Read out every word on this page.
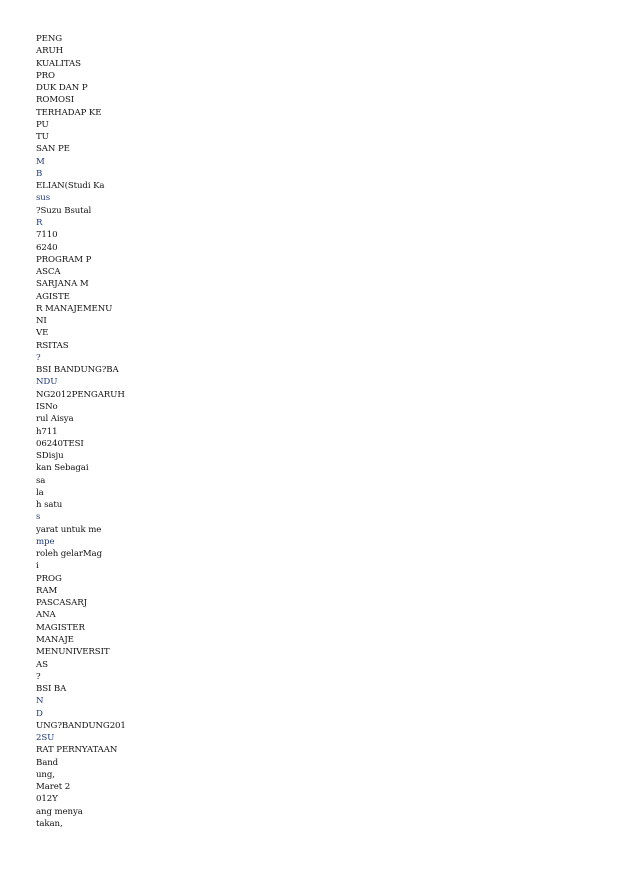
PENG
ARUH
KUALITAS
PRO
DUK DAN P
ROMOSI
TERHADAP KE
PU
TU
SAN PE
M
B
ELIAN(Studi Ka
sus
?Suzu Bsutal
R
7110
6240
PROGRAM P
ASCA
SARJANA M
AGISTE
R MANAJEMENU
NI
VE
RSITAS
?
BSI BANDUNG?BA
NDU
NG2012PENGARUH
ISNo
rul Aisya
h711
06240TESI
SDisju
kan Sebagai
sa
la
h satu
s
yarat untuk me
mpe
roleh gelarMag
i
PROG
RAM
PASCASARJ
ANA
MAGISTER
MANAJE
MENUNIVERSIT
AS
?
BSI BA
N
D
UNG?BANDUNG201
2SU
RAT PERNYATAAN
Band
ung,
Maret 2
012Y
ang menya
takan,
